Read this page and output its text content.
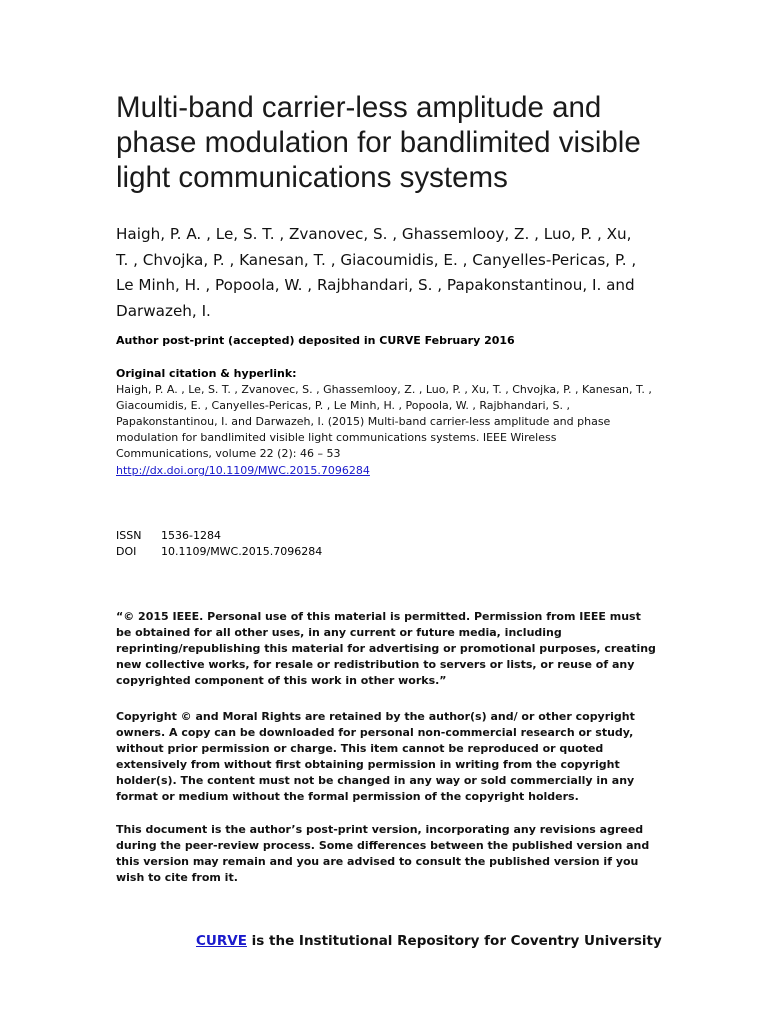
Multi-band carrier-less amplitude and phase modulation for bandlimited visible light communications systems
Haigh, P. A. , Le, S. T. , Zvanovec, S. , Ghassemlooy, Z. , Luo, P. , Xu, T. , Chvojka, P. , Kanesan, T. , Giacoumidis, E. , Canyelles-Pericas, P. , Le Minh, H. , Popoola, W. , Rajbhandari, S. , Papakonstantinou, I. and Darwazeh, I.
Author post-print (accepted) deposited in CURVE February 2016
Original citation & hyperlink:
Haigh, P. A. , Le, S. T. , Zvanovec, S. , Ghassemlooy, Z. , Luo, P. , Xu, T. , Chvojka, P. , Kanesan, T. , Giacoumidis, E. , Canyelles-Pericas, P. , Le Minh, H. , Popoola, W. , Rajbhandari, S. , Papakonstantinou, I. and Darwazeh, I. (2015) Multi-band carrier-less amplitude and phase modulation for bandlimited visible light communications systems. IEEE Wireless Communications, volume 22 (2): 46 – 53
http://dx.doi.org/10.1109/MWC.2015.7096284
ISSN	1536-1284
DOI	10.1109/MWC.2015.7096284
“© 2015 IEEE. Personal use of this material is permitted. Permission from IEEE must be obtained for all other uses, in any current or future media, including reprinting/republishing this material for advertising or promotional purposes, creating new collective works, for resale or redistribution to servers or lists, or reuse of any copyrighted component of this work in other works.”
Copyright © and Moral Rights are retained by the author(s) and/ or other copyright owners. A copy can be downloaded for personal non-commercial research or study, without prior permission or charge. This item cannot be reproduced or quoted extensively from without first obtaining permission in writing from the copyright holder(s). The content must not be changed in any way or sold commercially in any format or medium without the formal permission of the copyright holders.
This document is the author’s post-print version, incorporating any revisions agreed during the peer-review process. Some differences between the published version and this version may remain and you are advised to consult the published version if you wish to cite from it.
CURVE is the Institutional Repository for Coventry University
